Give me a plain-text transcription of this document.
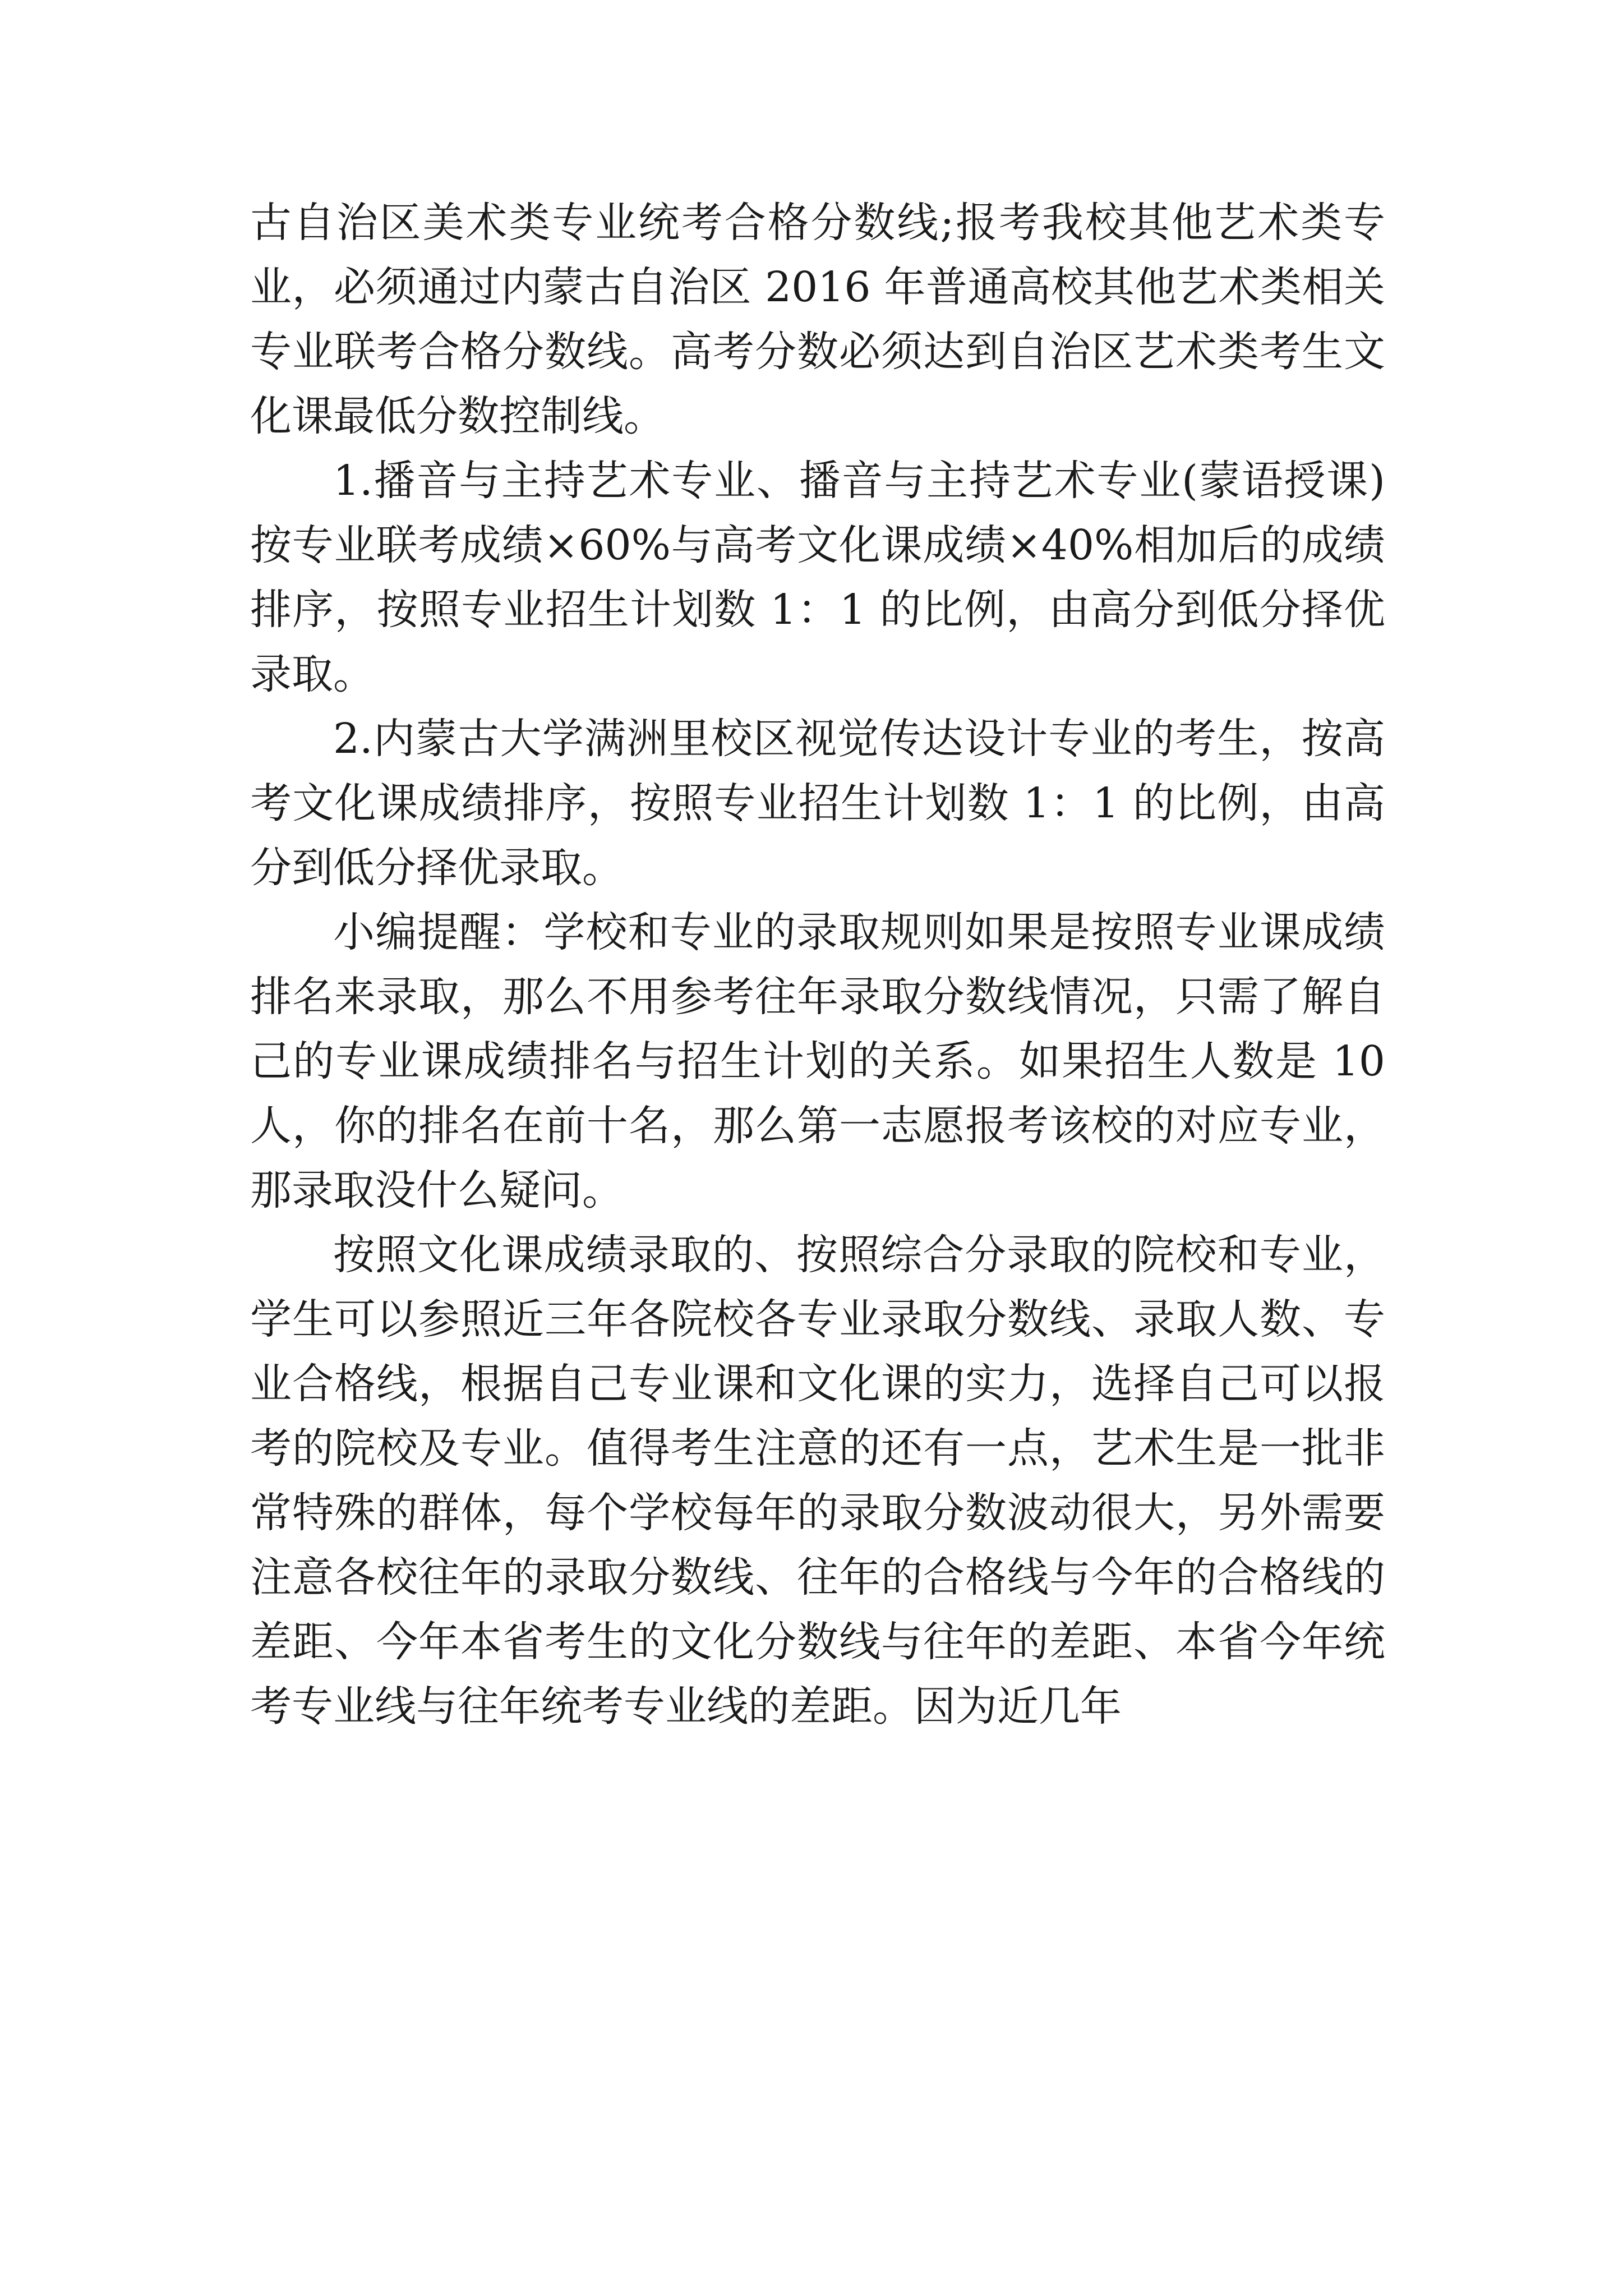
古自治区美术类专业统考合格分数线;报考我校其他艺术类专业，必须通过内蒙古自治区 2016 年普通高校其他艺术类相关专业联考合格分数线。高考分数必须达到自治区艺术类考生文化课最低分数控制线。

1.播音与主持艺术专业、播音与主持艺术专业(蒙语授课)按专业联考成绩×60%与高考文化课成绩×40%相加后的成绩排序，按照专业招生计划数 1：1 的比例，由高分到低分择优录取。

2.内蒙古大学满洲里校区视觉传达设计专业的考生，按高考文化课成绩排序，按照专业招生计划数 1：1 的比例，由高分到低分择优录取。

小编提醒：学校和专业的录取规则如果是按照专业课成绩排名来录取，那么不用参考往年录取分数线情况，只需了解自己的专业课成绩排名与招生计划的关系。如果招生人数是 10 人，你的排名在前十名，那么第一志愿报考该校的对应专业，那录取没什么疑问。

按照文化课成绩录取的、按照综合分录取的院校和专业，学生可以参照近三年各院校各专业录取分数线、录取人数、专业合格线，根据自己专业课和文化课的实力，选择自己可以报考的院校及专业。值得考生注意的还有一点，艺术生是一批非常特殊的群体，每个学校每年的录取分数波动很大，另外需要注意各校往年的录取分数线、往年的合格线与今年的合格线的差距、今年本省考生的文化分数线与往年的差距、本省今年统考专业线与往年统考专业线的差距。因为近几年
